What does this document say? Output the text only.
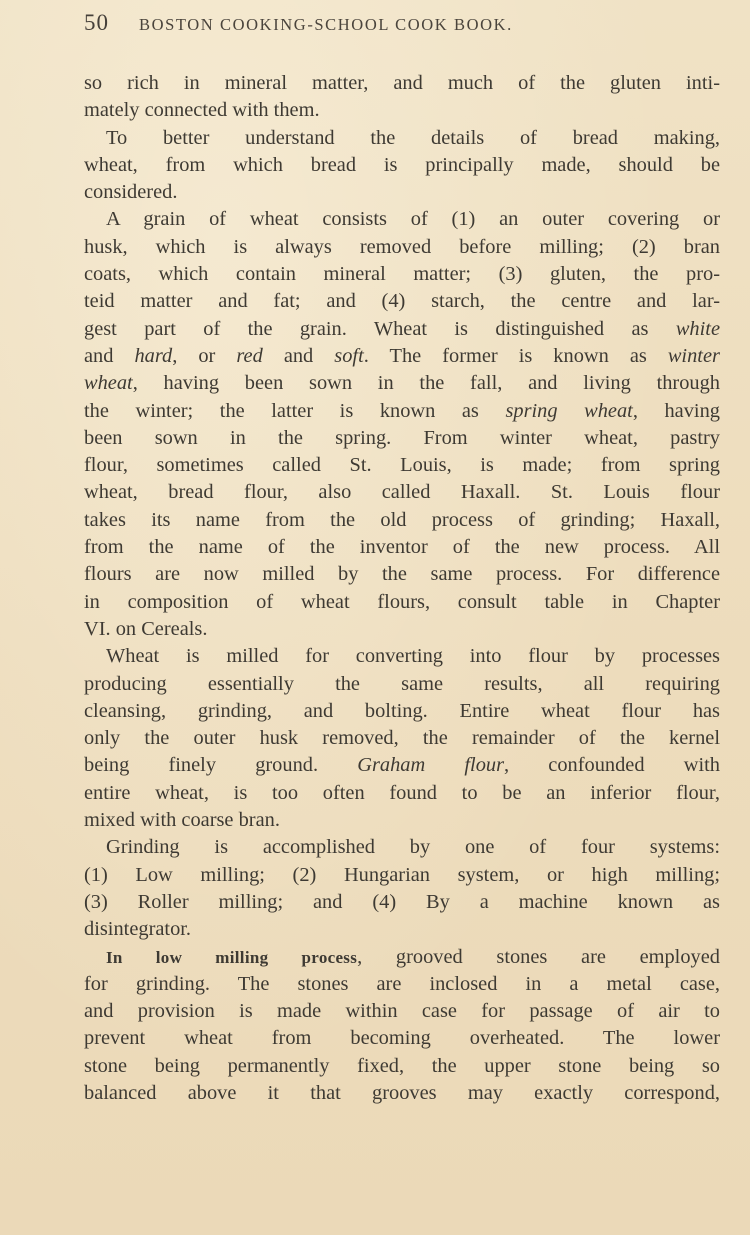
50 BOSTON COOKING-SCHOOL COOK BOOK.

so rich in mineral matter, and much of the gluten inti-
mately connected with them.

To better understand the details of bread making,
wheat, from which bread is principally made, should be
considered.

A grain of wheat consists of (1) an outer covering or
husk, which is always removed before milling; (2) bran
coats, which contain mineral matter; (3) gluten, the pro-
teid matter and fat; and (4) starch, the centre and lar-
gest part of the grain. Wheat is distinguished as white
and hard, or red and soft. The former is known as winter
wheat, having been sown in the fall, and living through
the winter; the latter is known as spring wheat, having
been sown in the spring. From winter wheat, pastry
flour, sometimes called St. Louis, is made; from spring
wheat, bread flour, also called Haxall. St. Louis flour
takes its name from the old process of grinding; Haxall,
from the name of the inventor of the new process. All
flours are now milled by the same process. For difference
in composition of wheat flours, consult table in Chapter
VI. on Cereals.

Wheat is milled for converting into flour by processes
producing essentially the same results, all requiring
cleansing, grinding, and bolting. Entire wheat flour has
only the outer husk removed, the remainder of the kernel
being finely ground. Graham flour, confounded with
entire wheat, is too often found to be an inferior flour,
mixed with coarse bran.

Grinding is accomplished by one of four systems:
(1) Low milling; (2) Hungarian system, or high milling;
(3) Roller milling; and (4) By a machine known as
disintegrator.

In low milling process, grooved stones are employed
for grinding. The stones are inclosed in a metal case,
and provision is made within case for passage of air to
prevent wheat from becoming overheated. The lower
stone being permanently fixed, the upper stone being so
balanced above it that grooves may exactly correspond,
